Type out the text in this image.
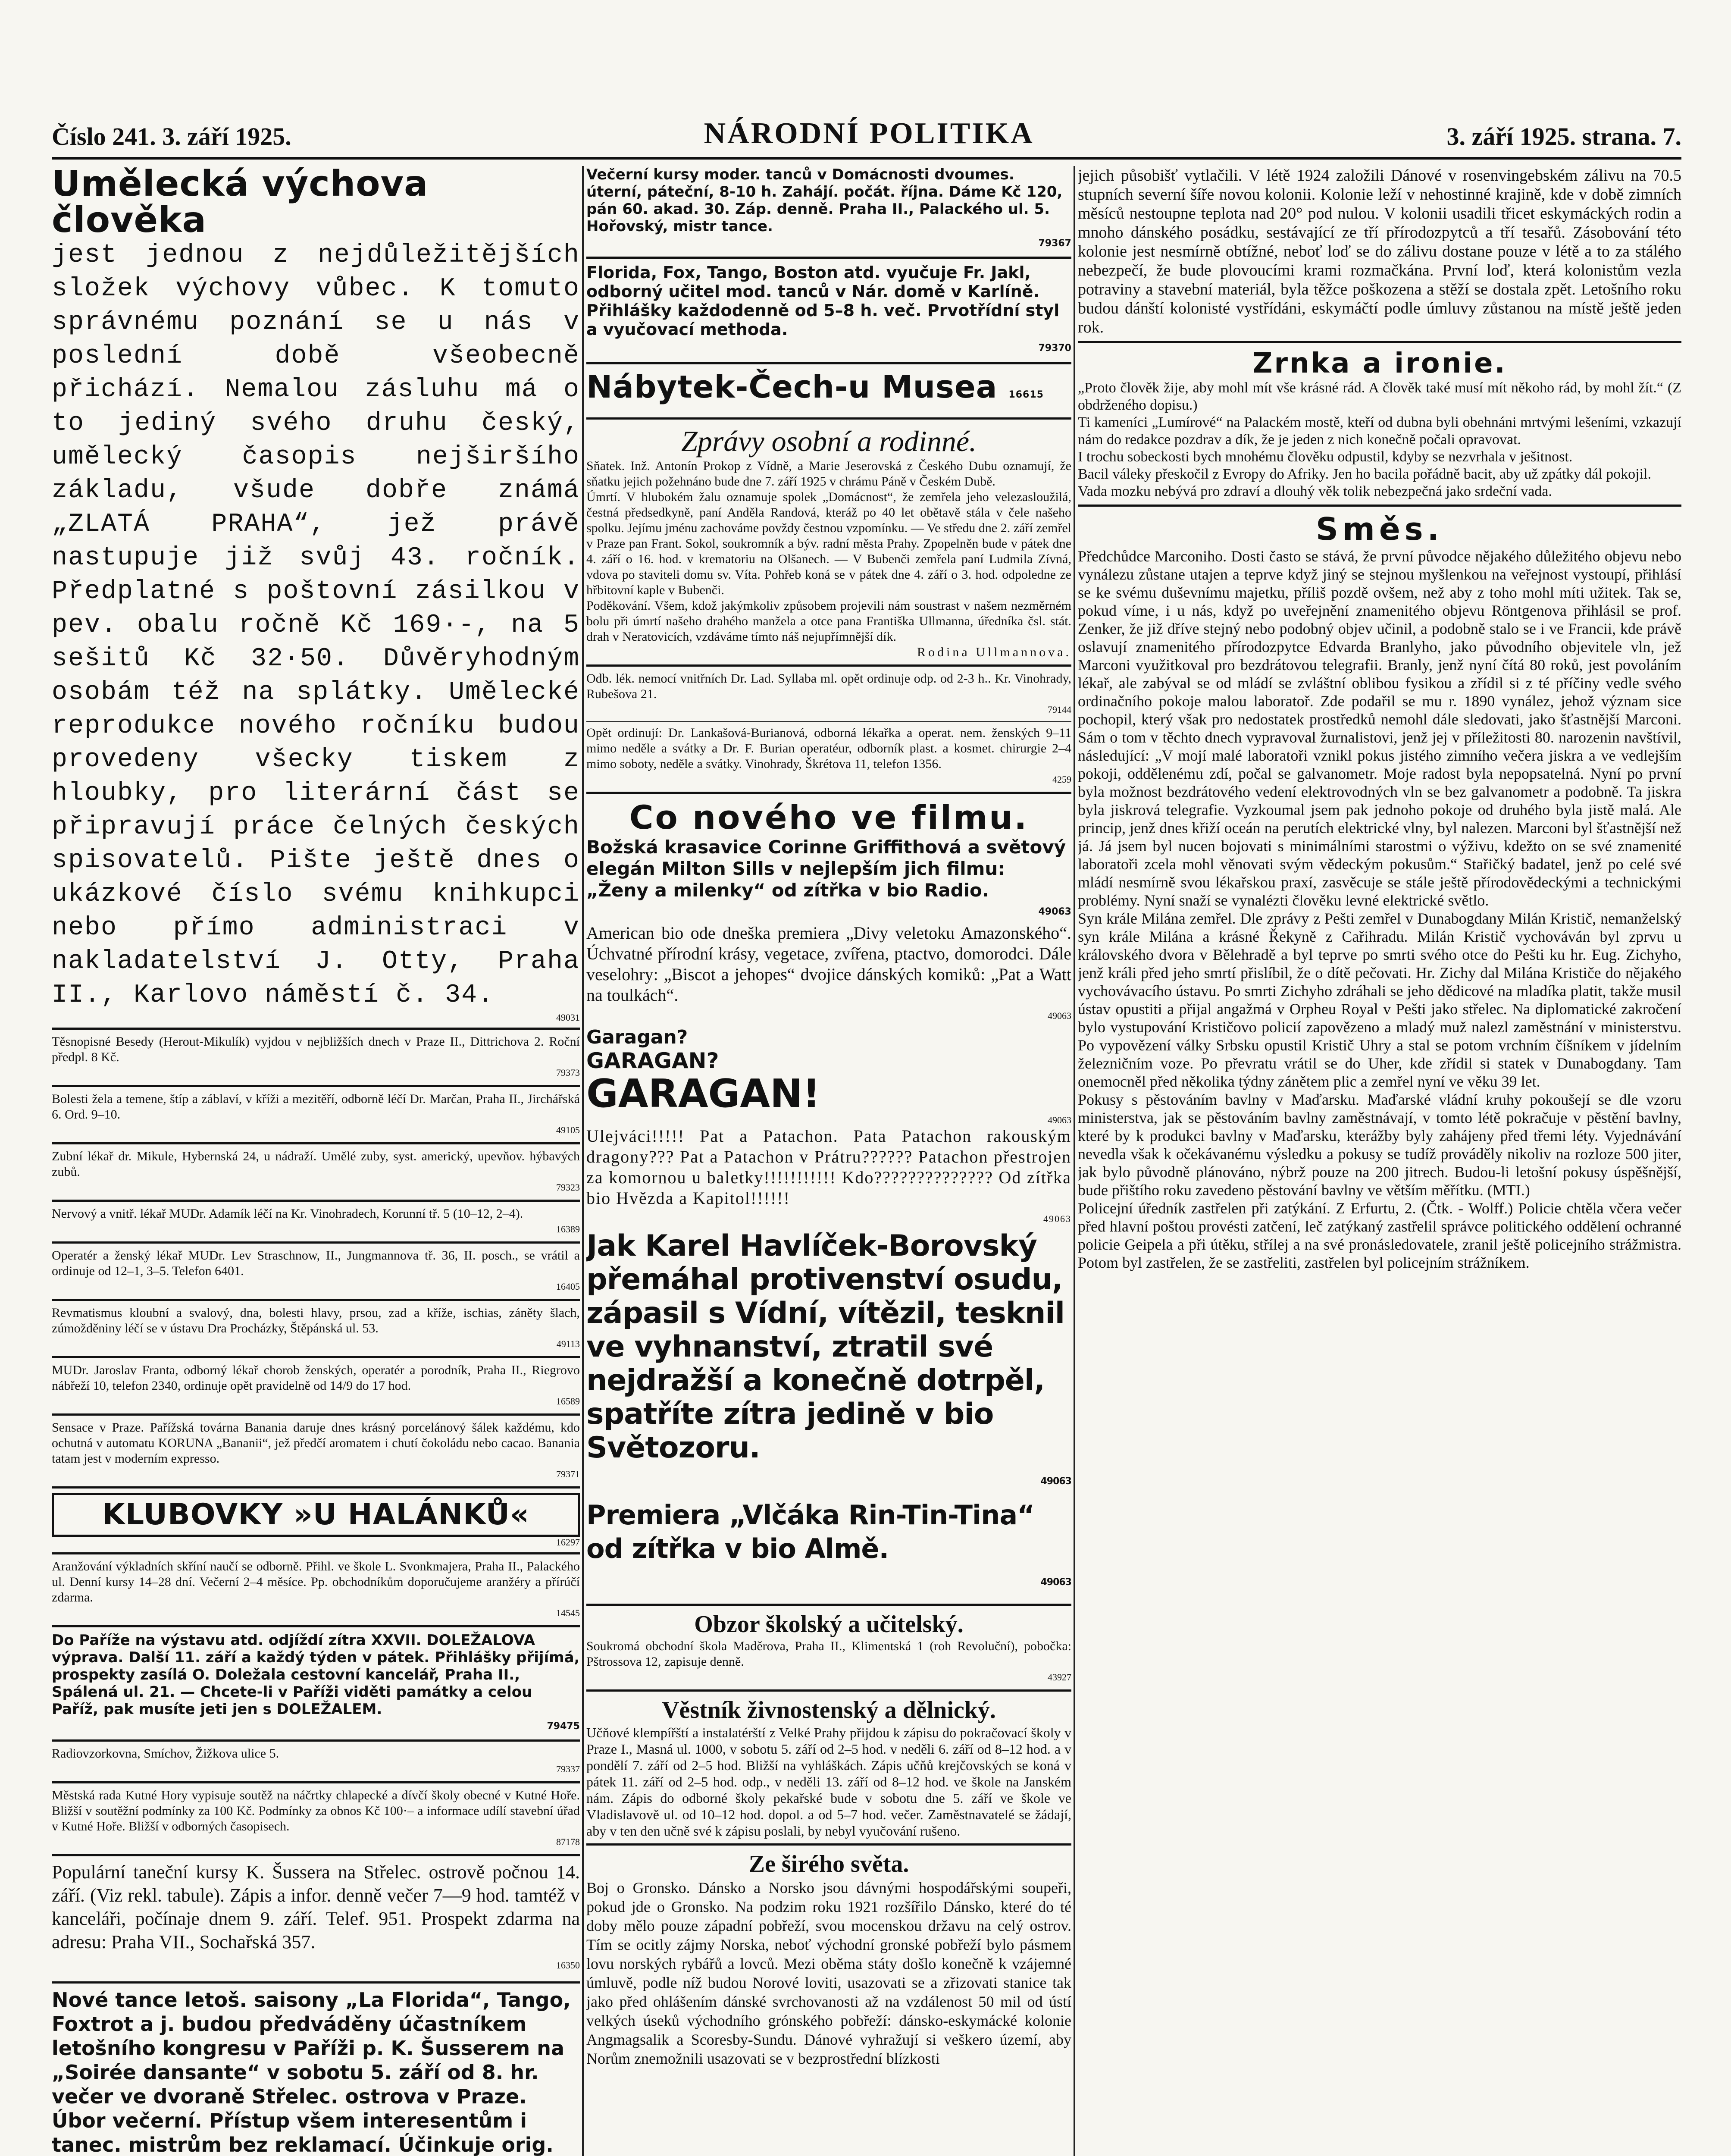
Číslo 241. 3. září 1925.	NÁRODNÍ POLITIKA	3. září 1925. strana. 7.
Umělecká výchova člověka
jest jednou z nejdůležitějších složek výchovy vůbec. K tomuto správnému poznání se u nás v poslední době všeobecně přichází. Nemalou zásluhu má o to jediný svého druhu český, umělecký časopis nejširšího základu, všude dobře známá „ZLATÁ PRAHA“, jež právě nastupuje již svůj 43. ročník. Předplatné s poštovní zásilkou v pev. obalu ročně Kč 169·-, na 5 sešitů Kč 32·50. Důvěryhodným osobám též na splátky. Umělecké reprodukce nového ročníku budou provedeny všecky tiskem z hloubky, pro literární část se připravují práce čelných českých spisovatelů. Pište ještě dnes o ukázkové číslo svému knihkupci nebo přímo administraci v nakladatelství J. Otty, Praha II., Karlovo náměstí č. 34.
49031
Těsnopisné Besedy (Herout-Mikulík) vyjdou v nejbližších dnech v Praze II., Dittrichova 2. Roční předpl. 8 Kč.
79373
Bolesti žela a temene, štíp a záblaví, v kříži a mezitěří, odborně léčí Dr. Marčan, Praha II., Jirchářská 6. Ord. 9–10.
49105
Zubní lékař dr. Mikule, Hybernská 24, u nádraží. Umělé zuby, syst. americký, upevňov. hýbavých zubů.
79323
Nervový a vnitř. lékař MUDr. Adamík léčí na Kr. Vinohradech, Korunní tř. 5 (10–12, 2–4).
16389
Operatér a ženský lékař MUDr. Lev Straschnow, II., Jungmannova tř. 36, II. posch., se vrátil a ordinuje od 12–1, 3–5. Telefon 6401.
16405
Revmatismus kloubní a svalový, dna, bolesti hlavy, prsou, zad a kříže, ischias, záněty šlach, zúmožděniny léčí se v ústavu Dra Procházky, Štěpánská ul. 53.
49113
MUDr. Jaroslav Franta, odborný lékař chorob ženských, operatér a porodník, Praha II., Riegrovo nábřeží 10, telefon 2340, ordinuje opět pravidelně od 14/9 do 17 hod.
16589
Sensace v Praze. Pařížská továrna Banania daruje dnes krásný porcelánový šálek každému, kdo ochutná v automatu KORUNA „Bananii“, jež předčí aromatem i chutí čokoládu nebo cacao. Banania tatam jest v moderním expresso.
79371
KLUBOVKY »U HALÁNKŮ«
16297
Aranžování výkladních skříní naučí se odborně. Přihl. ve škole L. Svonkmajera, Praha II., Palackého ul. Denní kursy 14–28 dní. Večerní 2–4 měsíce. Pp. obchodníkům doporučujeme aranžéry a přírúčí zdarma.
14545
Do Paříže na výstavu atd. odjíždí zítra XXVII. DOLEŽALOVA výprava. Další 11. září a každý týden v pátek. Přihlášky přijímá, prospekty zasílá O. Doležala cestovní kancelář, Praha II., Spálená ul. 21. — Chcete-li v Paříži viděti památky a celou Paříž, pak musíte jeti jen s DOLEŽALEM.
79475
Radiovzorkovna, Smíchov, Žižkova ulice 5.
79337
Městská rada Kutné Hory vypisuje soutěž na náčrtky chlapecké a dívčí školy obecné v Kutné Hoře. Bližší v soutěžní podmínky za 100 Kč. Podmínky za obnos Kč 100·– a informace udílí stavební úřad v Kutné Hoře. Bližší v odborných časopisech.
87178
Populární taneční kursy K. Šussera na Střelec. ostrově počnou 14. září. (Viz rekl. tabule). Zápis a infor. denně večer 7—9 hod. tamtéž v kanceláři, počínaje dnem 9. září. Telef. 951. Prospekt zdarma na adresu: Praha VII., Sochařská 357.
16350
Nové tance letoš. saisony „La Florida“, Tango, Foxtrot a j. budou předváděny účastníkem letošního kongresu v Paříži p. K. Šusserem na „Soirée dansante“ v sobotu 5. září od 8. hr. večer ve dvoraně Střelec. ostrova v Praze. Úbor večerní. Přístup všem interesentům i tanec. mistrům bez reklamací. Účinkuje orig.
Večerní kursy moder. tanců v Domácnosti dvoumes. úterní, páteční, 8-10 h. Zahájí. počát. října. Dáme Kč 120, pán 60. akad. 30. Záp. denně. Praha II., Palackého ul. 5. Hořovský, mistr tance.
79367
Florida, Fox, Tango, Boston atd. vyučuje Fr. Jakl, odborný učitel mod. tanců v Nár. domě v Karlíně. Přihlášky každodenně od 5–8 h. več. Prvotřídní styl a vyučovací methoda.
79370
Nábytek-Čech-u Musea 16615
Zprávy osobní a rodinné.
Sňatek. Inž. Antonín Prokop z Vídně, a Marie Jeserovská z Českého Dubu oznamují, že sňatku jejich požehnáno bude dne 7. září 1925 v chrámu Páně v Českém Dubě.
Úmrtí. V hlubokém žalu oznamuje spolek „Domácnost“, že zemřela jeho velezasloužilá, čestná předsedkyně, paní Anděla Randová, kteráž po 40 let obětavě stála v čele našeho spolku. Jejímu jménu zachováme povždy čestnou vzpomínku. — Ve středu dne 2. září zemřel v Praze pan Frant. Sokol, soukromník a býv. radní města Prahy. Zpopelněn bude v pátek dne 4. září o 16. hod. v krematoriu na Olšanech. — V Bubenči zemřela paní Ludmila Zívná, vdova po staviteli domu sv. Víta. Pohřeb koná se v pátek dne 4. září o 3. hod. odpoledne ze hřbitovní kaple v Bubenči.
Poděkování. Všem, kdož jakýmkoliv způsobem projevili nám soustrast v našem nezměrném bolu při úmrtí našeho drahého manžela a otce pana Františka Ullmanna, úředníka čsl. stát. drah v Neratovicích, vzdáváme tímto náš nejupřímnější dík.
Rodina Ullmannova.
Odb. lék. nemocí vnitřních Dr. Lad. Syllaba ml. opět ordinuje odp. od 2-3 h.. Kr. Vinohrady, Rubešova 21.
79144
Opět ordinují: Dr. Lankašová-Burianová, odborná lékařka a operat. nem. ženských 9–11 mimo neděle a svátky a Dr. F. Burian operatéur, odborník plast. a kosmet. chirurgie 2–4 mimo soboty, neděle a svátky. Vinohrady, Škrétova 11, telefon 1356.
4259
Co nového ve filmu.
Božská krasavice Corinne Griffithová a světový elegán Milton Sills v nejlepším jich filmu: „Ženy a milenky“ od zítřka v bio Radio.
49063
American bio ode dneška premiera „Divy veletoku Amazonského“. Úchvatné přírodní krásy, vegetace, zvířena, ptactvo, domorodci. Dále veselohry: „Biscot a jehopes“ dvojice dánských komiků: „Pat a Watt na toulkách“.
49063
Garagan?
GARAGAN?
GARAGAN!
49063
Ulejváci!!!!! Pat a Patachon. Pata Patachon rakouským dragony??? Pat a Patachon v Prátru?????? Patachon přestrojen za komornou u baletky!!!!!!!!!!! Kdo?????????????? Od zítřka bio Hvězda a Kapitol!!!!!!
49063
Jak Karel Havlíček-Borovský přemáhal protivenství osudu, zápasil s Vídní, vítězil, tesknil ve vyhnanství, ztratil své nejdražší a konečně dotrpěl, spatříte zítra jedině v bio Světozoru.
49063
Premiera „Vlčáka Rin-Tin-Tina“ od zítřka v bio Almě.
49063
Obzor školský a učitelský.
Soukromá obchodní škola Maděrova, Praha II., Klimentská 1 (roh Revoluční), pobočka: Pštrossova 12, zapisuje denně.
43927
Věstník živnostenský a dělnický.
Učňové klempířští a instalatérští z Velké Prahy přijdou k zápisu do pokračovací školy v Praze I., Masná ul. 1000, v sobotu 5. září od 2–5 hod. v neděli 6. září od 8–12 hod. a v pondělí 7. září od 2–5 hod. Bližší na vyhláškách. Zápis učňů krejčovských se koná v pátek 11. září od 2–5 hod. odp., v neděli 13. září od 8–12 hod. ve škole na Janském nám. Zápis do odborné školy pekařské bude v sobotu dne 5. září ve škole ve Vladislavově ul. od 10–12 hod. dopol. a od 5–7 hod. večer. Zaměstnavatelé se žádají, aby v ten den učně své k zápisu poslali, by nebyl vyučování rušeno.
Ze širého světa.
Boj o Gronsko. Dánsko a Norsko jsou dávnými hospodářskými soupeři, pokud jde o Gronsko. Na podzim roku 1921 rozšířilo Dánsko, které do té doby mělo pouze západní pobřeží, svou mocenskou državu na celý ostrov. Tím se ocitly zájmy Norska, neboť východní gronské pobřeží bylo pásmem lovu norských rybářů a lovců. Mezi oběma státy došlo konečně k vzájemné úmluvě, podle níž budou Norové loviti, usazovati se a zřizovati stanice tak jako před ohlášením dánské svrchovanosti až na vzdálenost 50 mil od ústí velkých úseků východního grónského pobřeží: dánsko-eskymácké kolonie Angmagsalik a Scoresby-Sundu. Dánové vyhražují si veškero území, aby Norům znemožnili usazovati se v bezprostřední blízkosti
jejich působišť vytlačili. V létě 1924 založili Dánové v rosenvingebském zálivu na 70.5 stupních severní šíře novou kolonii. Kolonie leží v nehostinné krajině, kde v době zimních měsíců nestoupne teplota nad 20° pod nulou. V kolonii usadili třicet eskymáckých rodin a mnoho dánského posádku, sestávající ze tří přírodozpytců a tří tesařů. Zásobování této kolonie jest nesmírně obtížné, neboť loď se do zálivu dostane pouze v létě a to za stálého nebezpečí, že bude plovoucími krami rozmačkána. První loď, která kolonistům vezla potraviny a stavební materiál, byla těžce poškozena a stěží se dostala zpět. Letošního roku budou dánští kolonisté vystřídáni, eskymáčtí podle úmluvy zůstanou na místě ještě jeden rok.
Zrnka a ironie.
„Proto člověk žije, aby mohl mít vše krásné rád. A člověk také musí mít někoho rád, by mohl žít.“ (Z obdrženého dopisu.)
Ti kameníci „Lumírové“ na Palackém mostě, kteří od dubna byli obehnáni mrtvými lešeními, vzkazují nám do redakce pozdrav a dík, že je jeden z nich konečně počali opravovat.
I trochu sobeckosti bych mnohému člověku odpustil, kdyby se nezvrhala v ješitnost.
Bacil váleky přeskočil z Evropy do Afriky. Jen ho bacila pořádně bacit, aby už zpátky dál pokojil.
Vada mozku nebývá pro zdraví a dlouhý věk tolik nebezpečná jako srdeční vada.
Směs.
Předchůdce Marconiho. Dosti často se stává, že první původce nějakého důležitého objevu nebo vynálezu zůstane utajen a teprve když jiný se stejnou myšlenkou na veřejnost vystoupí, přihlásí se ke svému duševnímu majetku, příliš pozdě ovšem, než aby z toho mohl míti užitek. Tak se, pokud víme, i u nás, když po uveřejnění znamenitého objevu Röntgenova přihlásil se prof. Zenker, že již dříve stejný nebo podobný objev učinil, a podobně stalo se i ve Francii, kde právě oslavují znamenitého přírodozpytce Edvarda Branlyho, jako původního objevitele vln, jež Marconi využitkoval pro bezdrátovou telegrafii. Branly, jenž nyní čítá 80 roků, jest povoláním lékař, ale zabýval se od mládí se zvláštní oblibou fysikou a zřídil si z té příčiny vedle svého ordinačního pokoje malou laboratoř. Zde podařil se mu r. 1890 vynález, jehož význam sice pochopil, který však pro nedostatek prostředků nemohl dále sledovati, jako šťastnější Marconi. Sám o tom v těchto dnech vypravoval žurnalistovi, jenž jej v příležitosti 80. narozenin navštívil, následující: „V mojí malé laboratoři vznikl pokus jistého zimního večera jiskra a ve vedlejším pokoji, oddělenému zdí, počal se galvanometr. Moje radost byla nepopsatelná. Nyní po první byla možnost bezdrátového vedení elektrovodných vln se bez galvanometr a podobně. Ta jiskra byla jiskrová telegrafie. Vyzkoumal jsem pak jednoho pokoje od druhého byla jistě malá. Ale princip, jenž dnes křiží oceán na perutích elektrické vlny, byl nalezen. Marconi byl šťastnější než já. Já jsem byl nucen bojovati s minimálními starostmi o výživu, kdežto on se své znamenité laboratoři zcela mohl věnovati svým vědeckým pokusům.“ Stařičký badatel, jenž po celé své mládí nesmírně svou lékařskou praxí, zasvěcuje se stále ještě přírodovědeckými a technickými problémy. Nyní snaží se vynalézti člověku levné elektrické světlo.
Syn krále Milána zemřel. Dle zprávy z Pešti zemřel v Dunabogdany Milán Kristič, nemanželský syn krále Milána a krásné Řekyně z Cařihradu. Milán Kristič vychováván byl zprvu u královského dvora v Bělehradě a byl teprve po smrti svého otce do Pešti ku hr. Eug. Zichyho, jenž králi před jeho smrtí přislíbil, že o dítě pečovati. Hr. Zichy dal Milána Krističe do nějakého vychovávacího ústavu. Po smrti Zichyho zdráhali se jeho dědicové na mladíka platit, takže musil ústav opustiti a přijal angažmá v Orpheu Royal v Pešti jako střelec. Na diplomatické zakročení bylo vystupování Krističovo policií zapovězeno a mladý muž nalezl zaměstnání v ministerstvu. Po vypovězení války Srbsku opustil Kristič Uhry a stal se potom vrchním číšníkem v jídelním železničním voze. Po převratu vrátil se do Uher, kde zřídil si statek v Dunabogdany. Tam onemocněl před několika týdny zánětem plic a zemřel nyní ve věku 39 let.
Pokusy s pěstováním bavlny v Maďarsku. Maďarské vládní kruhy pokoušejí se dle vzoru ministerstva, jak se pěstováním bavlny zaměstnávají, v tomto létě pokračuje v pěstění bavlny, které by k produkci bavlny v Maďarsku, kterážby byly zahájeny před třemi léty. Vyjednávání nevedla však k očekávanému výsledku a pokusy se tudíž prováděly nikoliv na rozloze 500 jiter, jak bylo původně plánováno, nýbrž pouze na 200 jitrech. Budou-li letošní pokusy úspěšnější, bude přištího roku zavedeno pěstování bavlny ve větším měřítku. (MTI.)
Policejní úředník zastřelen při zatýkání. Z Erfurtu, 2. (Čtk. - Wolff.) Policie chtěla včera večer před hlavní poštou provésti zatčení, leč zatýkaný zastřelil správce politického oddělení ochranné policie Geipela a při útěku, střílej a na své pronásledovatele, zranil ještě policejního strážmistra. Potom byl zastřelen, že se zastřeliti, zastřelen byl policejním strážníkem.
